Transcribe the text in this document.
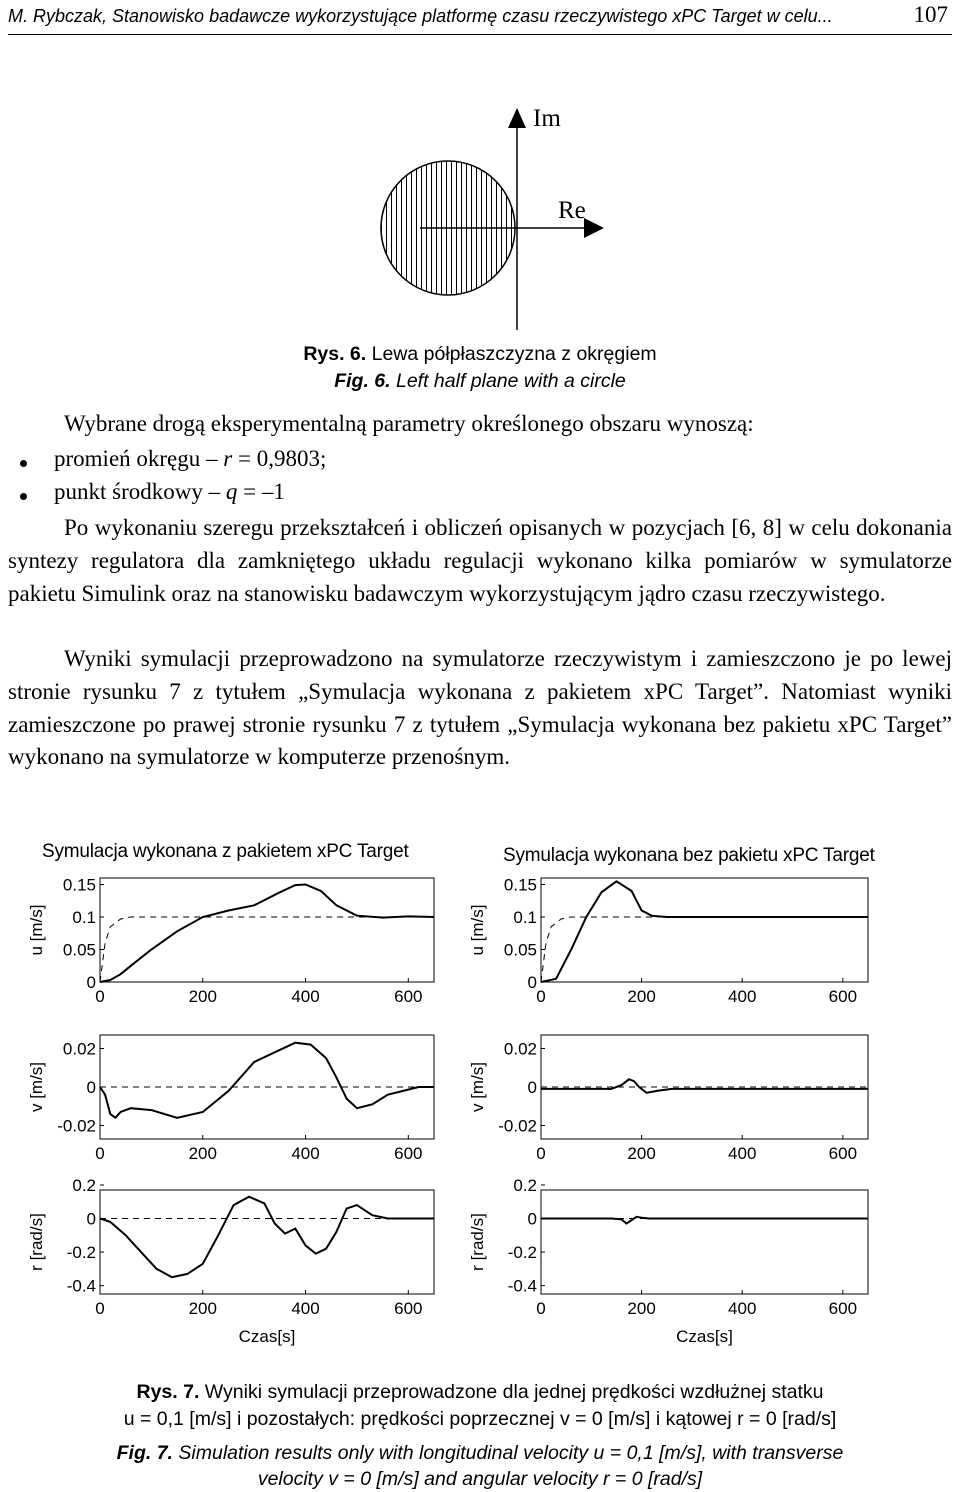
M. Rybczak, Stanowisko badawcze wykorzystujące platformę czasu rzeczywistego xPC Target w celu...	107
Im
Re
Rys. 6. Lewa półpłaszczyzna z okręgiem
Fig. 6. Left half plane with a circle
Wybrane drogą eksperymentalną parametry określonego obszaru wynoszą:
promień okręgu – r = 0,9803;
punkt środkowy – q = –1
Po wykonaniu szeregu przekształceń i obliczeń opisanych w pozycjach [6, 8] w celu dokonania syntezy regulatora dla zamkniętego układu regulacji wykonano kilka pomiarów w symulatorze pakietu Simulink oraz na stanowisku badawczym wykorzystującym jądro czasu rzeczywistego.
Wyniki symulacji przeprowadzono na symulatorze rzeczywistym i zamieszczono je po lewej stronie rysunku 7 z tytułem „Symulacja wykonana z pakietem xPC Target”. Natomiast wyniki zamieszczone po prawej stronie rysunku 7 z tytułem „Symulacja wykonana bez pakietu xPC Target” wykonano na symulatorze w komputerze przenośnym.
Symulacja wykonana z pakietem xPC Target	Symulacja wykonana bez pakietu xPC Target
0
0.05
0.1
0.15
0	200	400	600
u [m/s]
0
0.05
0.1
0.15
0	200	400	600
u [m/s]
-0.02
0
0.02
0	200	400	600
v [m/s]
-0.02
0
0.02
0	200	400	600
v [m/s]
-0.4
-0.2
0
0.2
0	200	400	600
r [rad/s]
Czas[s]
-0.4
-0.2
0
0.2
0	200	400	600
r [rad/s]
Czas[s]
Rys. 7. Wyniki symulacji przeprowadzone dla jednej prędkości wzdłużnej statku
u = 0,1 [m/s] i pozostałych: prędkości poprzecznej v = 0 [m/s] i kątowej r = 0 [rad/s]
Fig. 7. Simulation results only with longitudinal velocity u = 0,1 [m/s], with transverse
velocity v = 0 [m/s] and angular velocity r = 0 [rad/s]
